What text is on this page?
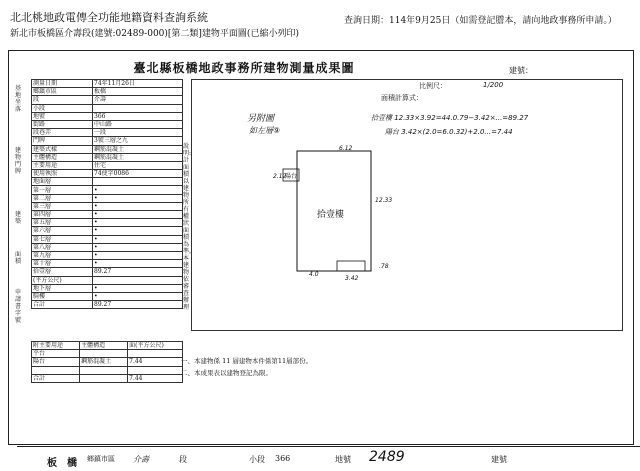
北北桃地政電傳全功能地籍資料查詢系統	查詢日期：114年9月25日（如需登記謄本，請向地政事務所申請。）
新北市板橋區介壽段(建號:02489-000)[第二類]建物平面圖(已縮小列印)
臺北縣板橋地政事務所建物測量成果圖	建號：
基地坐落
建物門牌
建築
面積
申請書字號
測量日期	74年11月26日
鄉鎮市區	板橋
段	介壽
小段	
地號	366
街路	中山路
段巷弄	一段
門牌	3號三層之九
建築式樣	鋼筋混凝土
主體構造	鋼筋混凝土
主要用途	住宅
使用執照	74使字0086
地面層	
第一層	•
第二層	•
第三層	•
第四層	•
第五層	•
第六層	•
第七層	•
第八層	•
第九層	•
第十層	•
拾壹層	89.27
(平方公尺)	
地下層	•
騎樓	•
合計	89.27
附主要用途	主體構造	面(平方公尺)
平台		
陽台	鋼筋混凝土	7.44

合計		7.44
比例尺：	1/200
面積計算式：
拾壹樓 12.33×3.92=44.0.79−3.42×...=89.27
陽台 3.42×(2.0=6.0.32)+2.0...=7.44
另附圖
如左層⑨
拾壹樓
陽台
6.12
12.33
4.0
3.42
2.12
.78
說明:計面積以建物所有權狀面積為準。本建物依審查辦理
一、本建物係 11 層建物本件係第11層部份。
二、本成果表以建物登記為限。
板　橋 鄉鎮市區 介壽	段	小段 366	地號 2489	建號
